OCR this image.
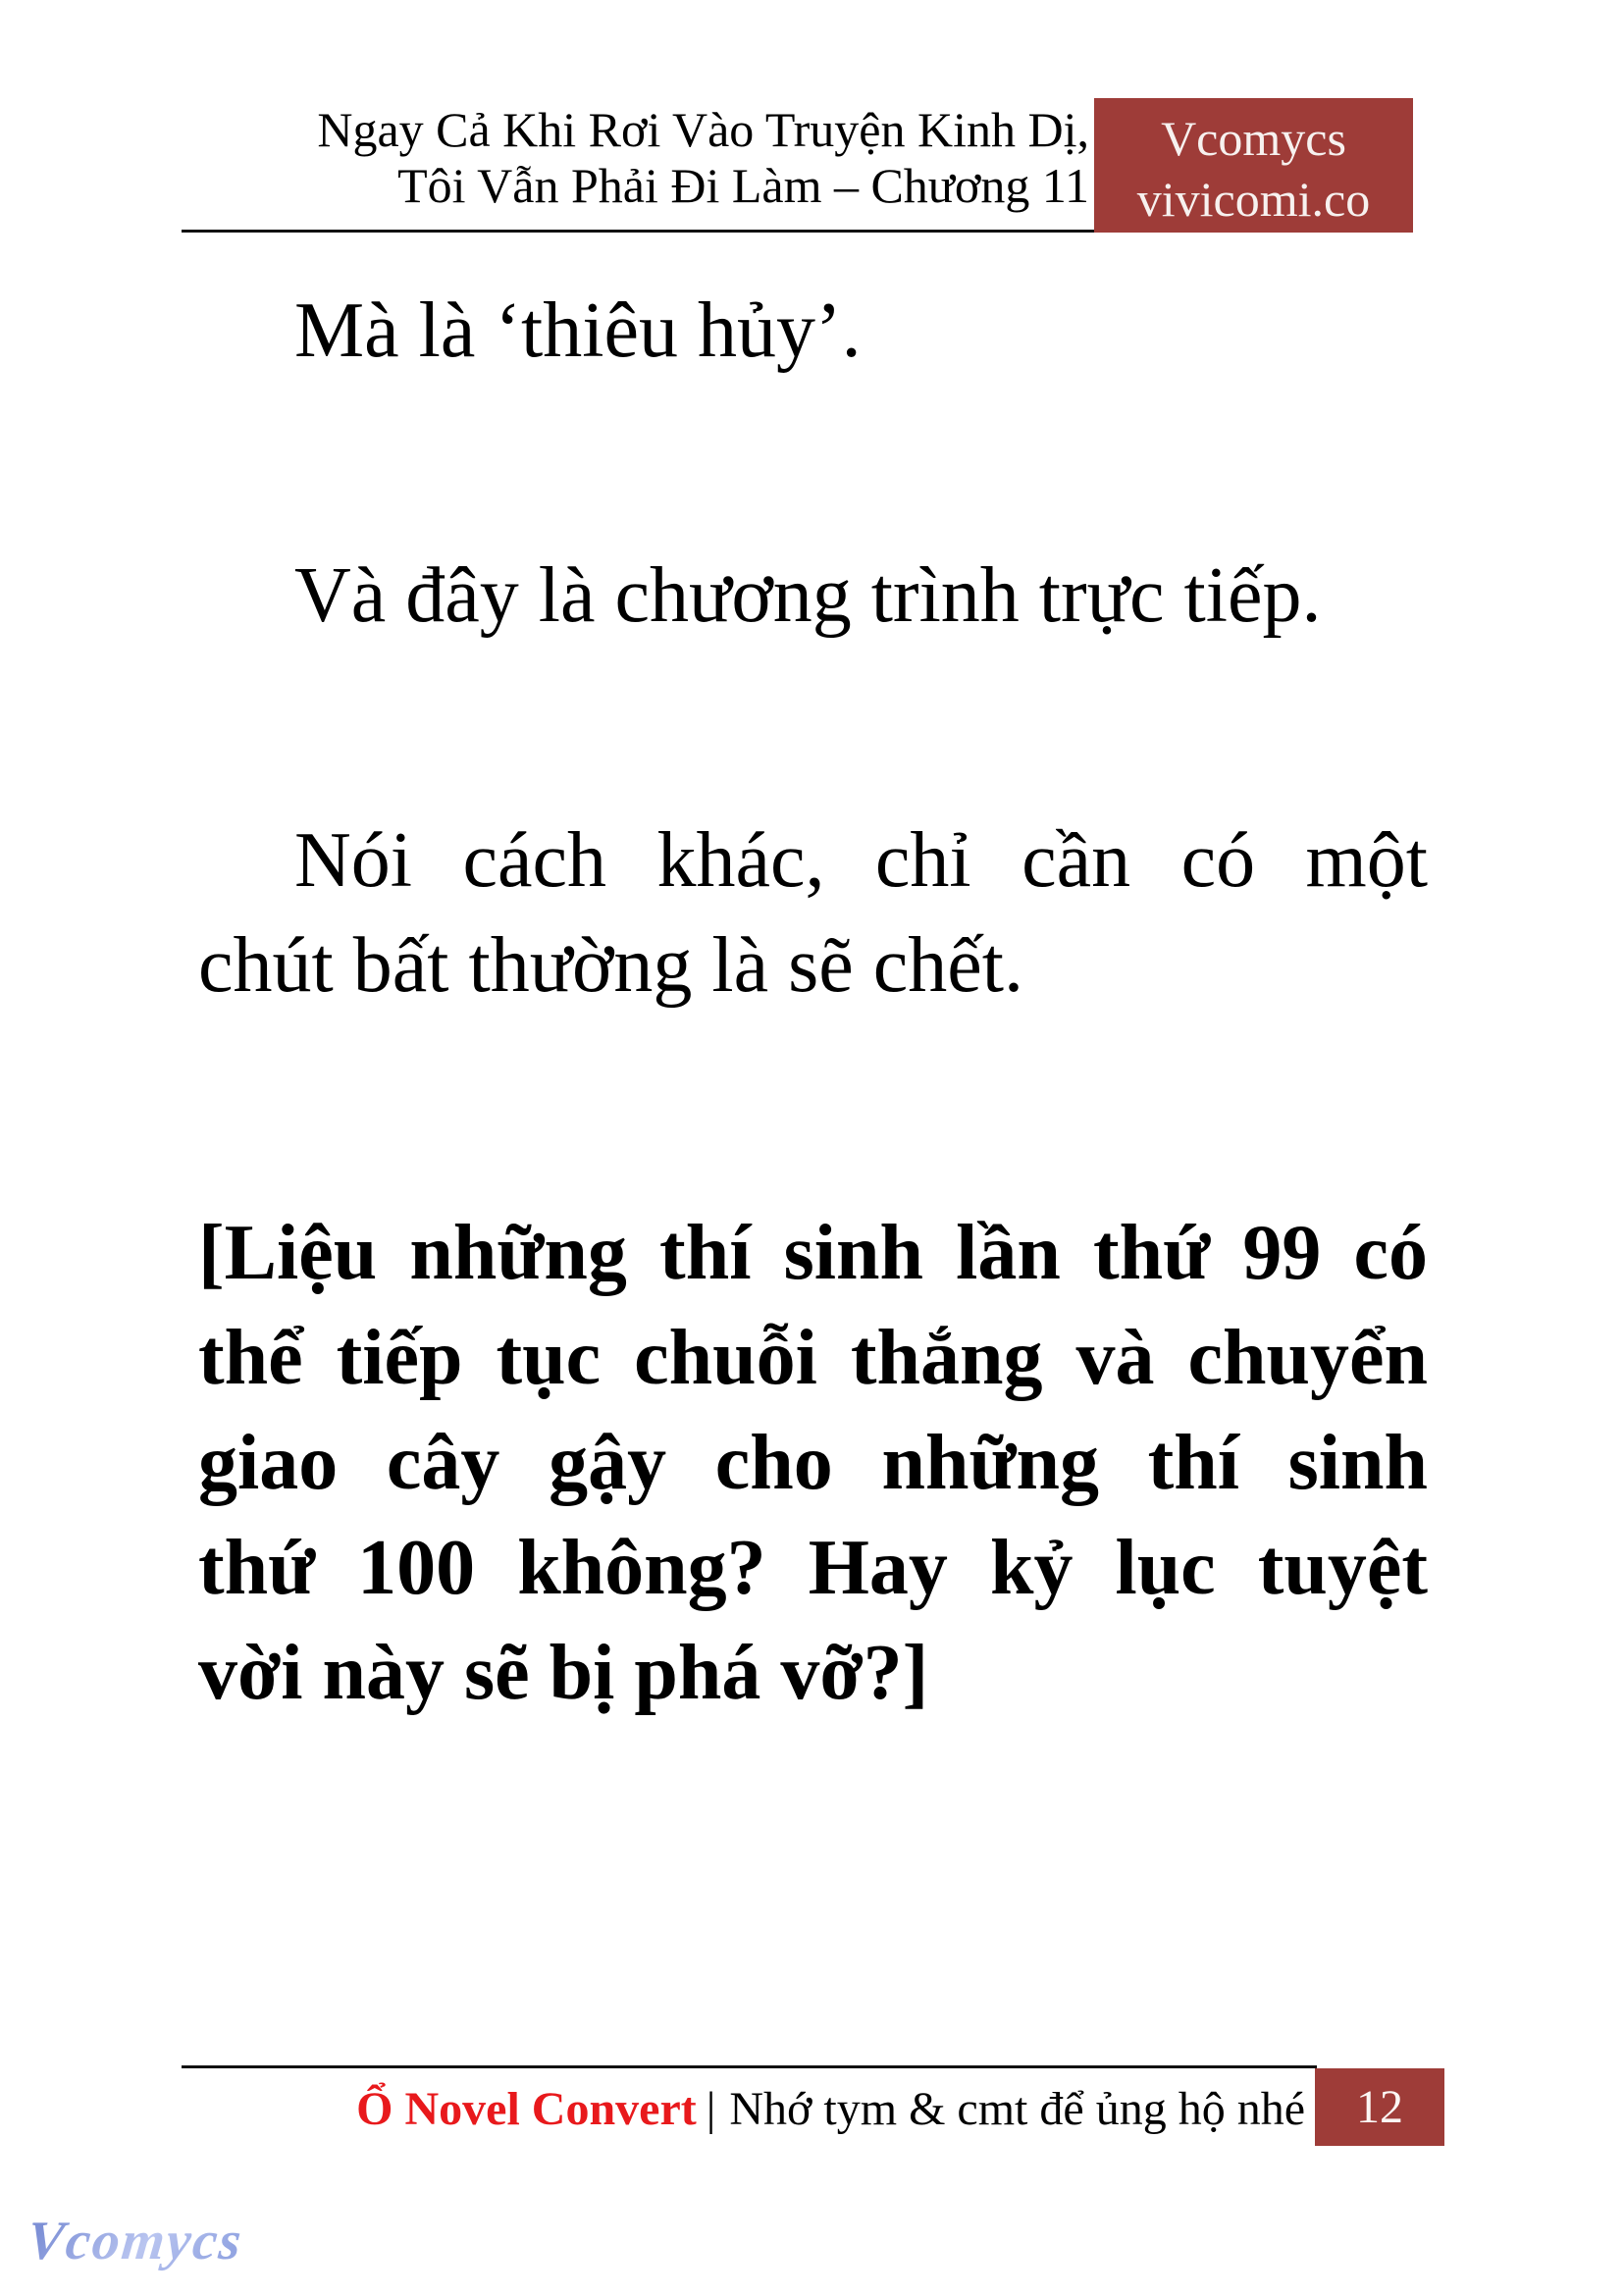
Ngay Cả Khi Rơi Vào Truyện Kinh Dị,
Tôi Vẫn Phải Đi Làm – Chương 11
Vcomycs
vivicomi.co
Mà là ‘thiêu hủy’.
Và đây là chương trình trực tiếp.
Nói cách khác, chỉ cần có một
chút bất thường là sẽ chết.
[Liệu những thí sinh lần thứ 99 có
thể tiếp tục chuỗi thắng và chuyển
giao cây gậy cho những thí sinh
thứ 100 không? Hay kỷ lục tuyệt
vời này sẽ bị phá vỡ?]
Ổ Novel Convert | Nhớ tym & cmt để ủng hộ nhé	12
Vcomycs
